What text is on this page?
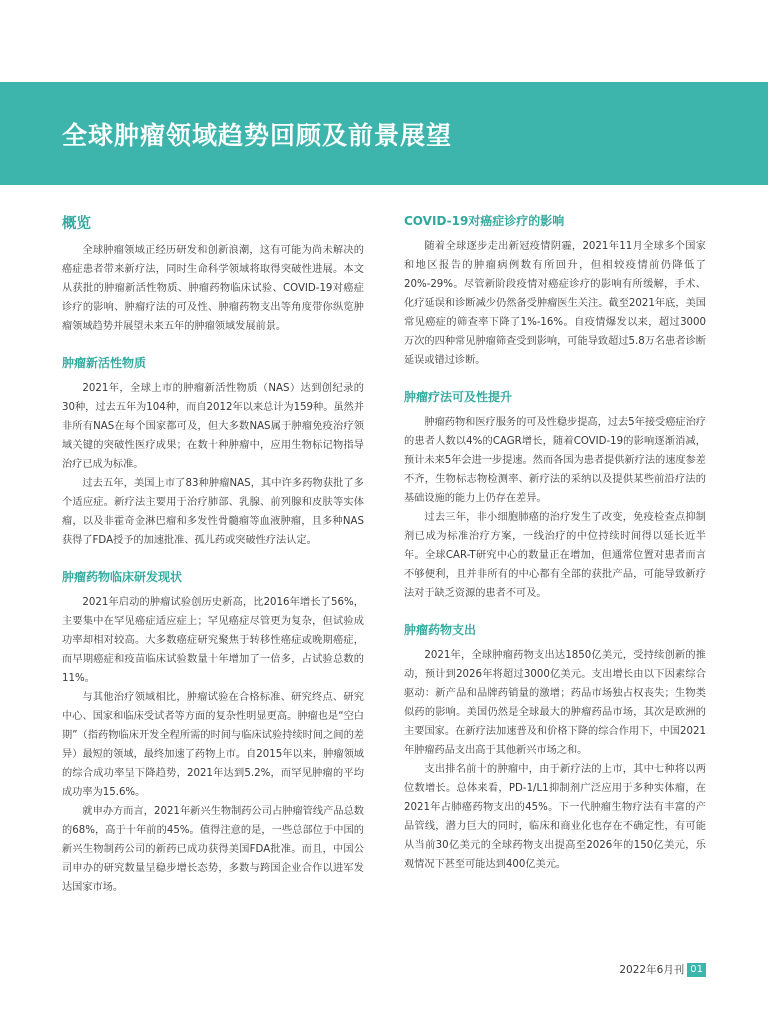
全球肿瘤领域趋势回顾及前景展望
概览

全球肿瘤领域正经历研发和创新浪潮，这有可能为尚未解决的癌症患者带来新疗法，同时生命科学领域将取得突破性进展。本文从获批的肿瘤新活性物质、肿瘤药物临床试验、COVID-19对癌症诊疗的影响、肿瘤疗法的可及性、肿瘤药物支出等角度带你纵览肿瘤领域趋势并展望未来五年的肿瘤领域发展前景。

肿瘤新活性物质

2021年，全球上市的肿瘤新活性物质（NAS）达到创纪录的30种，过去五年为104种，而自2012年以来总计为159种。虽然并非所有NAS在每个国家都可及，但大多数NAS属于肿瘤免疫治疗领域关键的突破性医疗成果；在数十种肿瘤中，应用生物标记物指导治疗已成为标准。

过去五年，美国上市了83种肿瘤NAS，其中许多药物获批了多个适应症。新疗法主要用于治疗肺部、乳腺、前列腺和皮肤等实体瘤，以及非霍奇金淋巴瘤和多发性骨髓瘤等血液肿瘤，且多种NAS获得了FDA授予的加速批准、孤儿药或突破性疗法认定。

肿瘤药物临床研发现状

2021年启动的肿瘤试验创历史新高，比2016年增长了56%，主要集中在罕见癌症适应症上；罕见癌症尽管更为复杂，但试验成功率却相对较高。大多数癌症研究聚焦于转移性癌症或晚期癌症，而早期癌症和疫苗临床试验数量十年增加了一倍多，占试验总数的11%。

与其他治疗领域相比，肿瘤试验在合格标准、研究终点、研究中心、国家和临床受试者等方面的复杂性明显更高。肿瘤也是“空白期”（指药物临床开发全程所需的时间与临床试验持续时间之间的差异）最短的领域，最终加速了药物上市。自2015年以来，肿瘤领域的综合成功率呈下降趋势，2021年达到5.2%，而罕见肿瘤的平均成功率为15.6%。

就申办方而言，2021年新兴生物制药公司占肿瘤管线产品总数的68%，高于十年前的45%。值得注意的是，一些总部位于中国的新兴生物制药公司的新药已成功获得美国FDA批准。而且，中国公司申办的研究数量呈稳步增长态势，多数与跨国企业合作以进军发达国家市场。

COVID-19对癌症诊疗的影响

随着全球逐步走出新冠疫情阴霾，2021年11月全球多个国家和地区报告的肿瘤病例数有所回升，但相较疫情前仍降低了20%-29%。尽管新阶段疫情对癌症诊疗的影响有所缓解，手术、化疗延误和诊断减少仍然备受肿瘤医生关注。截至2021年底，美国常见癌症的筛查率下降了1%-16%。自疫情爆发以来，超过3000万次的四种常见肿瘤筛查受到影响，可能导致超过5.8万名患者诊断延误或错过诊断。

肿瘤疗法可及性提升

肿瘤药物和医疗服务的可及性稳步提高，过去5年接受癌症治疗的患者人数以4%的CAGR增长，随着COVID-19的影响逐渐消减，预计未来5年会进一步提速。然而各国为患者提供新疗法的速度参差不齐，生物标志物检测率、新疗法的采纳以及提供某些前沿疗法的基础设施的能力上仍存在差异。

过去三年，非小细胞肺癌的治疗发生了改变，免疫检查点抑制剂已成为标准治疗方案，一线治疗的中位持续时间得以延长近半年。全球CAR-T研究中心的数量正在增加，但通常位置对患者而言不够便利，且并非所有的中心都有全部的获批产品，可能导致新疗法对于缺乏资源的患者不可及。

肿瘤药物支出

2021年，全球肿瘤药物支出达1850亿美元，受持续创新的推动，预计到2026年将超过3000亿美元。支出增长由以下因素综合驱动：新产品和品牌药销量的激增；药品市场独占权丧失；生物类似药的影响。美国仍然是全球最大的肿瘤药品市场，其次是欧洲的主要国家。在新疗法加速普及和价格下降的综合作用下，中国2021年肿瘤药品支出高于其他新兴市场之和。

支出排名前十的肿瘤中，由于新疗法的上市，其中七种将以两位数增长。总体来看，PD-1/L1抑制剂广泛应用于多种实体瘤，在2021年占肺癌药物支出的45%。下一代肿瘤生物疗法有丰富的产品管线，潜力巨大的同时，临床和商业化也存在不确定性，有可能从当前30亿美元的全球药物支出提高至2026年的150亿美元，乐观情况下甚至可能达到400亿美元。

2022年6月刊 01
